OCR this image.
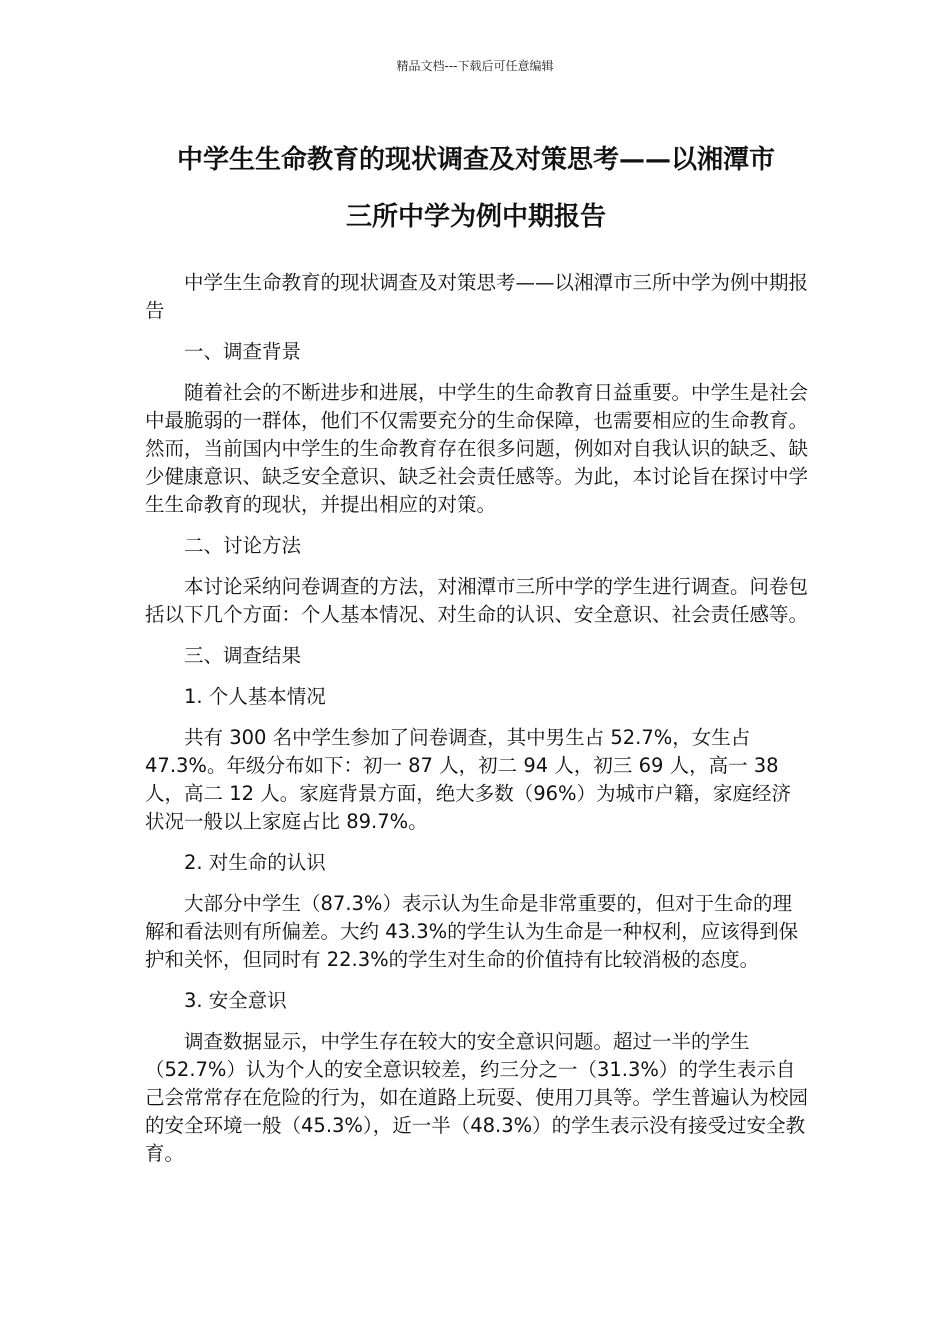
精品文档---下载后可任意编辑
中学生生命教育的现状调查及对策思考——以湘潭市
三所中学为例中期报告

中学生生命教育的现状调查及对策思考——以湘潭市三所中学为例中期报告

一、调查背景

随着社会的不断进步和进展，中学生的生命教育日益重要。中学生是社会中最脆弱的一群体，他们不仅需要充分的生命保障，也需要相应的生命教育。然而，当前国内中学生的生命教育存在很多问题，例如对自我认识的缺乏、缺少健康意识、缺乏安全意识、缺乏社会责任感等。为此，本讨论旨在探讨中学生生命教育的现状，并提出相应的对策。

二、讨论方法

本讨论采纳问卷调查的方法，对湘潭市三所中学的学生进行调查。问卷包括以下几个方面：个人基本情况、对生命的认识、安全意识、社会责任感等。

三、调查结果

1. 个人基本情况

共有 300 名中学生参加了问卷调查，其中男生占 52.7%，女生占 47.3%。年级分布如下：初一 87 人，初二 94 人，初三 69 人，高一 38 人，高二 12 人。家庭背景方面，绝大多数（96%）为城市户籍，家庭经济状况一般以上家庭占比 89.7%。

2. 对生命的认识

大部分中学生（87.3%）表示认为生命是非常重要的，但对于生命的理解和看法则有所偏差。大约 43.3%的学生认为生命是一种权利，应该得到保护和关怀，但同时有 22.3%的学生对生命的价值持有比较消极的态度。

3. 安全意识

调查数据显示，中学生存在较大的安全意识问题。超过一半的学生（52.7%）认为个人的安全意识较差，约三分之一（31.3%）的学生表示自己会常常存在危险的行为，如在道路上玩耍、使用刀具等。学生普遍认为校园的安全环境一般（45.3%），近一半（48.3%）的学生表示没有接受过安全教育。
